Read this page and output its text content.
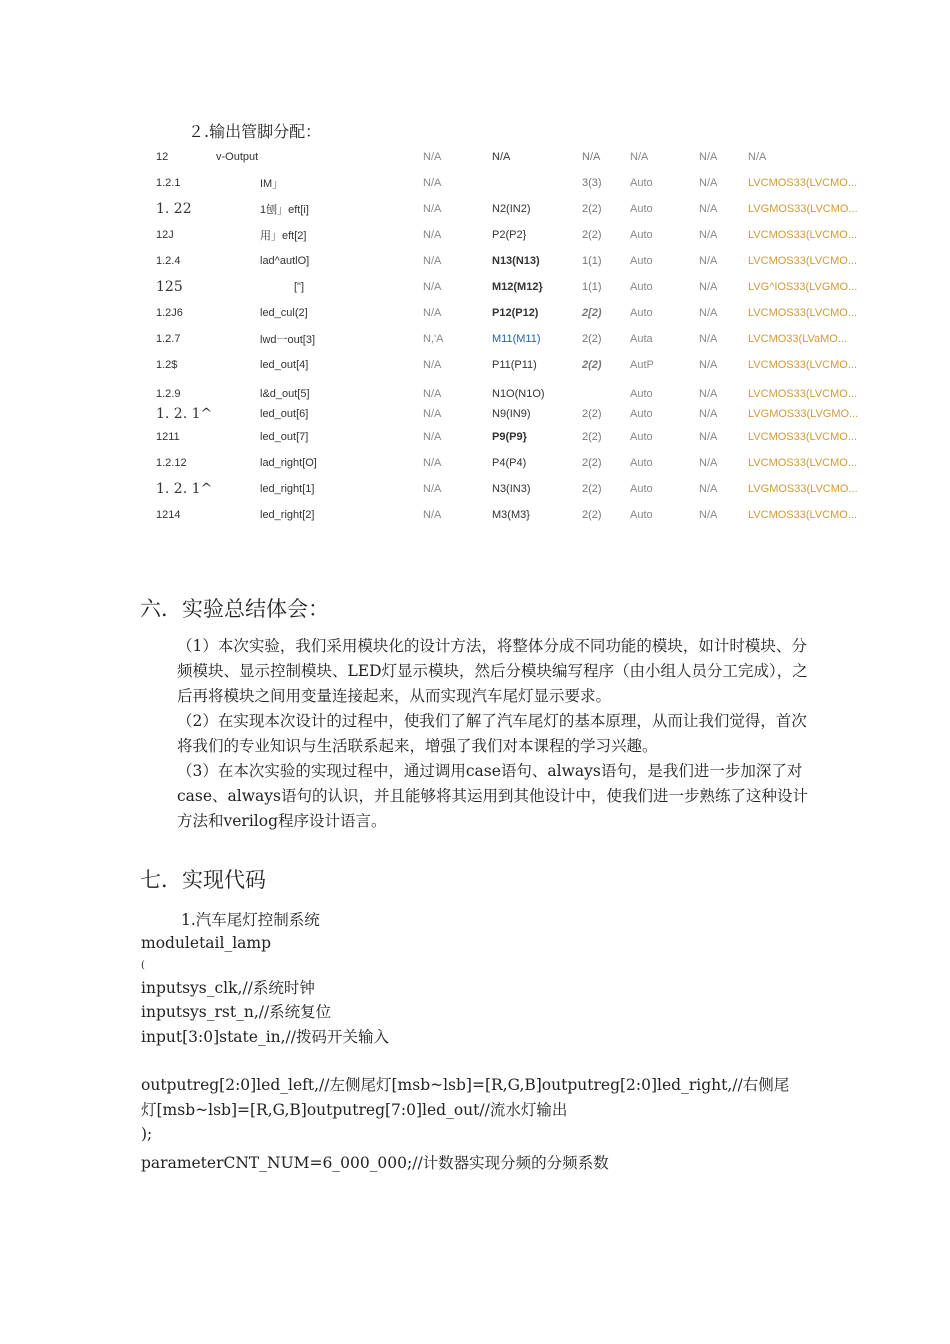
２.输出管脚分配：
12	v-Output	N/A	N/A	N/A	N/A	N/A	N/A
1.2.1	IM」	N/A		3(3)	Auto	N/A	LVCMOS33(LVCMO...
1. 22	1刨」eft[i]	N/A	N2(IN2)	2(2)	Auto	N/A	LVGMOS33(LVCMO...
12J	用」eft[2]	N/A	P2(P2}	2(2)	Auto	N/A	LVCMOS33(LVCMO...
1.2.4	lad^autlO]	N/A	N13(N13)	1(1)	Auto	N/A	LVCMOS33(LVCMO...
125	["]	N/A	M12(M12}	1(1)	Auto	N/A	LVG^IOS33(LVGMO...
1.2J6	led_cul(2]	N/A	P12(P12)	2[2)	Auto	N/A	LVCMOS33(LVCMO...
1.2.7	lwd一out[3]	N,'A	M11(M11)	2(2)	Auta	N/A	LVCMO33(LVaMO...
1.2$	led_out[4]	N/A	P11(P11)	2(2)	AutP	N/A	LVCMOS33(LVCMO...

1.2.9	l&d_out[5]	N/A	N1O(N1O)		Auto	N/A	LVCMOS33(LVCMO...
1. 2. 1^	led_out[6]	N/A	N9(IN9)	2(2)	Auto	N/A	LVGMOS33(LVGMO...
1211	led_out[7]	N/A	P9(P9}	2(2)	Auto	N/A	LVCMOS33(LVCMO...
1.2.12	lad_right[O]	N/A	P4(P4)	2(2)	Auto	N/A	LVCMOS33(LVCMO...
1. 2. 1^	led_right[1]	N/A	N3(IN3)	2(2)	Auto	N/A	LVGMOS33(LVCMO...
1214	led_right[2]	N/A	M3(M3}	2(2)	Auto	N/A	LVCMOS33(LVCMO...
六．实验总结体会：

（1）本次实验，我们采用模块化的设计方法，将整体分成不同功能的模块，如计时模块、分频模块、显示控制模块、LED灯显示模块，然后分模块编写程序（由小组人员分工完成），之后再将模块之间用变量连接起来，从而实现汽车尾灯显示要求。

（2）在实现本次设计的过程中，使我们了解了汽车尾灯的基本原理，从而让我们觉得，首次将我们的专业知识与生活联系起来，增强了我们对本课程的学习兴趣。

（3）在本次实验的实现过程中，通过调用case语句、always语句，是我们进一步加深了对case、always语句的认识，并且能够将其运用到其他设计中，使我们进一步熟练了这种设计方法和verilog程序设计语言。

七．实现代码
1.汽车尾灯控制系统
moduletail_lamp
(
inputsys_clk,//系统时钟
inputsys_rst_n,//系统复位
input[3:0]state_in,//拨码开关输入
outputreg[2:0]led_left,//左侧尾灯[msb~lsb]=[R,G,B]outputreg[2:0]led_right,//右侧尾灯[msb~lsb]=[R,G,B]outputreg[7:0]led_out//流水灯输出
);
parameterCNT_NUM=6_000_000;//计数器实现分频的分频系数
